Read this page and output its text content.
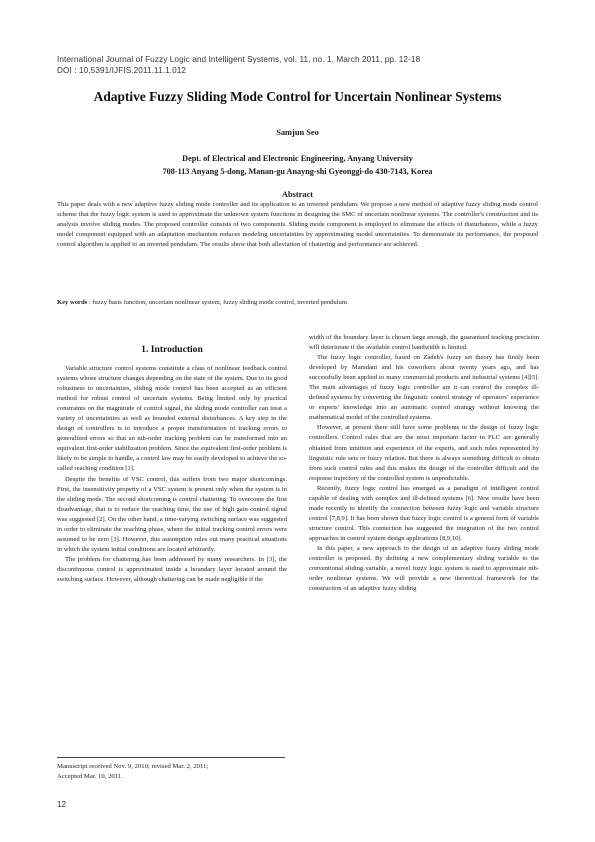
International Journal of Fuzzy Logic and Intelligent Systems, vol. 11, no. 1, March 2011, pp. 12-18
DOI : 10.5391/IJFIS.2011.11.1.012
Adaptive Fuzzy Sliding Mode Control for Uncertain Nonlinear Systems
Samjun Seo
Dept. of Electrical and Electronic Engineering, Anyang University
708-113 Anyang 5-dong, Manan-gu Anayng-shi Gyeonggi-do 430-7143, Korea
Abstract
This paper deals with a new adaptive fuzzy sliding mode controller and its application to an inverted pendulum. We propose a new method of adaptive fuzzy sliding mode control scheme that the fuzzy logic system is used to approximate the unknown system functions in designing the SMC of uncertain nonlinear systems. The controller's construction and its analysis involve sliding modes. The proposed controller consists of two components. Sliding mode component is employed to eliminate the effects of disturbances, while a fuzzy model component equipped with an adaptation mechanism reduces modeling uncertainties by approximating model uncertainties. To demonstrate its performance, the proposed control algorithm is applied to an inverted pendulum. The results show that both alleviation of chattering and performance are achieved.
Key words : fuzzy basis function, uncertain nonlinear system, fuzzy sliding mode control, inverted pendulum
1. Introduction

Variable structure control systems constitute a class of nonlinear feedback control systems whose structure changes depending on the state of the system. Due to its good robustness to uncertainties, sliding mode control has been accepted as an efficient method for robust control of uncertain systems. Being limited only by practical constraints on the magnitude of control signal, the sliding mode controller can treat a variety of uncertainties as well as bounded external disturbances. A key step in the design of controllers is to introduce a proper transformation of tracking errors to generalized errors so that an nth-order tracking problem can be transformed into an equivalent first-order stabilization problem. Since the equivalent first-order problem is likely to be simple to handle, a control law may be easily developed to achieve the so-called reaching condition [1].

Despite the benefits of VSC control, this suffers from two major shortcomings. First, the insensitivity property of a VSC system is present only when the system is in the sliding mode. The second shortcoming is control chattering. To overcome the first disadvantage, that is to reduce the reaching time, the use of high gain control signal was suggested [2]. On the other hand, a time-varying switching surface was suggested in order to eliminate the reaching phase, where the initial tracking control errors were assumed to be zero [3]. However, this assumption rules out many practical situations in which the system initial conditions are located arbitrarily.

The problem for chattering has been addressed by many researchers. In [3], the discontinuous control is approximated inside a boundary layer located around the switching surface. However, although chattering can be made negligible if the

width of the boundary layer is chosen large enough, the guaranteed tracking precision will deteriorate if the available control bandwidth is limited.

The fuzzy logic controller, based on Zadeh's fuzzy set theory has firstly been developed by Mamdani and his coworkers about twenty years ago, and has successfully been applied to many commercial products and industrial systems [4][5]. The main advantages of fuzzy logic controller are it can control the complex ill-defined systems by converting the linguistic control strategy of operators' experience or experts' knowledge into an automatic control strategy without knowing the mathematical model of the controlled systems.

However, at present there still have some problems in the design of fuzzy logic controllers. Control rules that are the most important factor in FLC are generally obtained from intuition and experience of the experts, and such rules represented by linguistic rule sets or fuzzy relation. But there is always something difficult to obtain from such control rules and this makes the design of the controller difficult and the response trajectory of the controlled system is unpredictable.

Recently, fuzzy logic control has emerged as a paradigm of intelligent control capable of dealing with complex and ill-defined systems [6]. New results have been made recently to identify the connection between fuzzy logic and variable structure control [7,8,9]. It has been shown that fuzzy logic control is a general form of variable structure control. This connection has suggested the integration of the two control approaches in control system design applications [8,9,10].

In this paper, a new approach to the design of an adaptive fuzzy sliding mode controller is proposed. By defining a new complementary sliding variable to the conventional sliding variable, a novel fuzzy logic system is used to approximate nth-order nonlinear systems. We will provide a new theoretical framework for the construction of an adaptive fuzzy sliding

Manuscript received Nov. 9, 2010; revised Mar. 2, 2011;
Accepted Mar. 10, 2011.
12
